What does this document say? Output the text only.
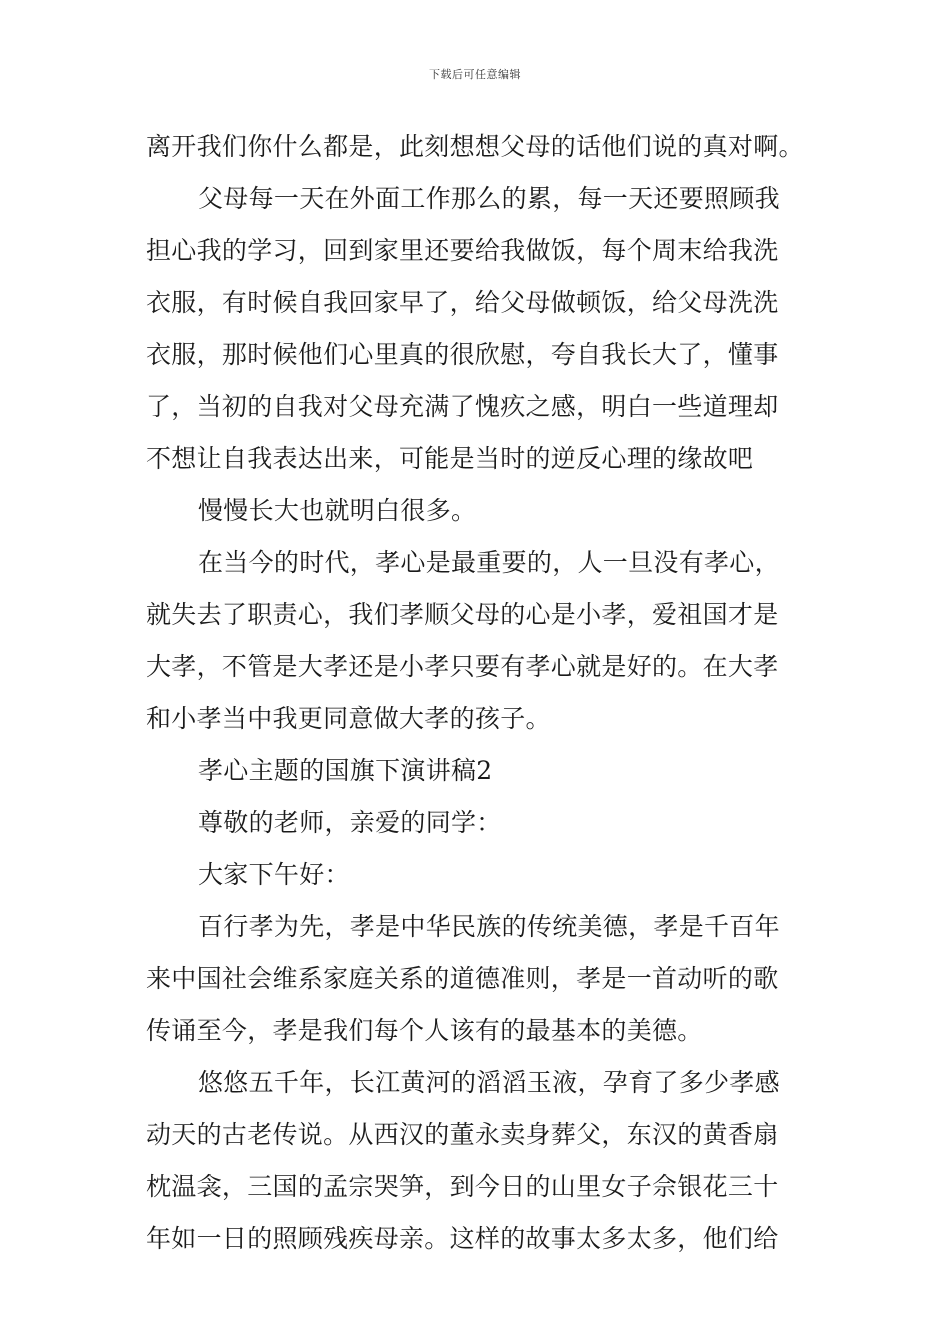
下载后可任意编辑
离开我们你什么都是，此刻想想父母的话他们说的真对啊。
父母每一天在外面工作那么的累，每一天还要照顾我
担心我的学习，回到家里还要给我做饭，每个周末给我洗
衣服，有时候自我回家早了，给父母做顿饭，给父母洗洗
衣服，那时候他们心里真的很欣慰，夸自我长大了，懂事
了，当初的自我对父母充满了愧疚之感，明白一些道理却
不想让自我表达出来，可能是当时的逆反心理的缘故吧
慢慢长大也就明白很多。
在当今的时代，孝心是最重要的，人一旦没有孝心，
就失去了职责心，我们孝顺父母的心是小孝，爱祖国才是
大孝，不管是大孝还是小孝只要有孝心就是好的。在大孝
和小孝当中我更同意做大孝的孩子。
孝心主题的国旗下演讲稿2
尊敬的老师，亲爱的同学：
大家下午好：
百行孝为先，孝是中华民族的传统美德，孝是千百年
来中国社会维系家庭关系的道德准则，孝是一首动听的歌
传诵至今，孝是我们每个人该有的最基本的美德。
悠悠五千年，长江黄河的滔滔玉液，孕育了多少孝感
动天的古老传说。从西汉的董永卖身葬父，东汉的黄香扇
枕温衾，三国的孟宗哭笋，到今日的山里女子佘银花三十
年如一日的照顾残疾母亲。这样的故事太多太多，他们给
